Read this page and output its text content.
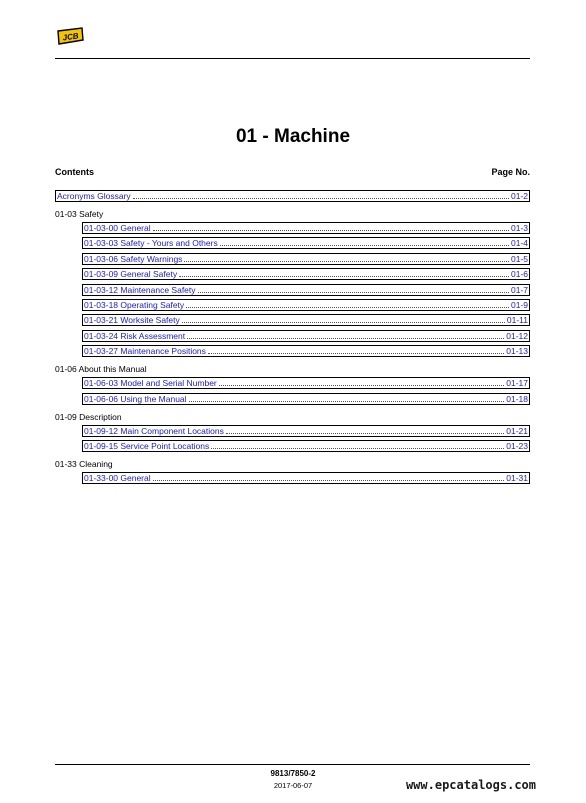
JCB
01 - Machine
Contents	Page No.
Acronyms Glossary	01-2
01-03 Safety
01-03-00 General	01-3
01-03-03 Safety - Yours and Others	01-4
01-03-06 Safety Warnings	01-5
01-03-09 General Safety	01-6
01-03-12 Maintenance Safety	01-7
01-03-18 Operating Safety	01-9
01-03-21 Worksite Safety	01-11
01-03-24 Risk Assessment	01-12
01-03-27 Maintenance Positions	01-13
01-06 About this Manual
01-06-03 Model and Serial Number	01-17
01-06-06 Using the Manual	01-18
01-09 Description
01-09-12 Main Component Locations	01-21
01-09-15 Service Point Locations	01-23
01-33 Cleaning
01-33-00 General	01-31
9813/7850-2
2017-06-07	www.epcatalogs.com
